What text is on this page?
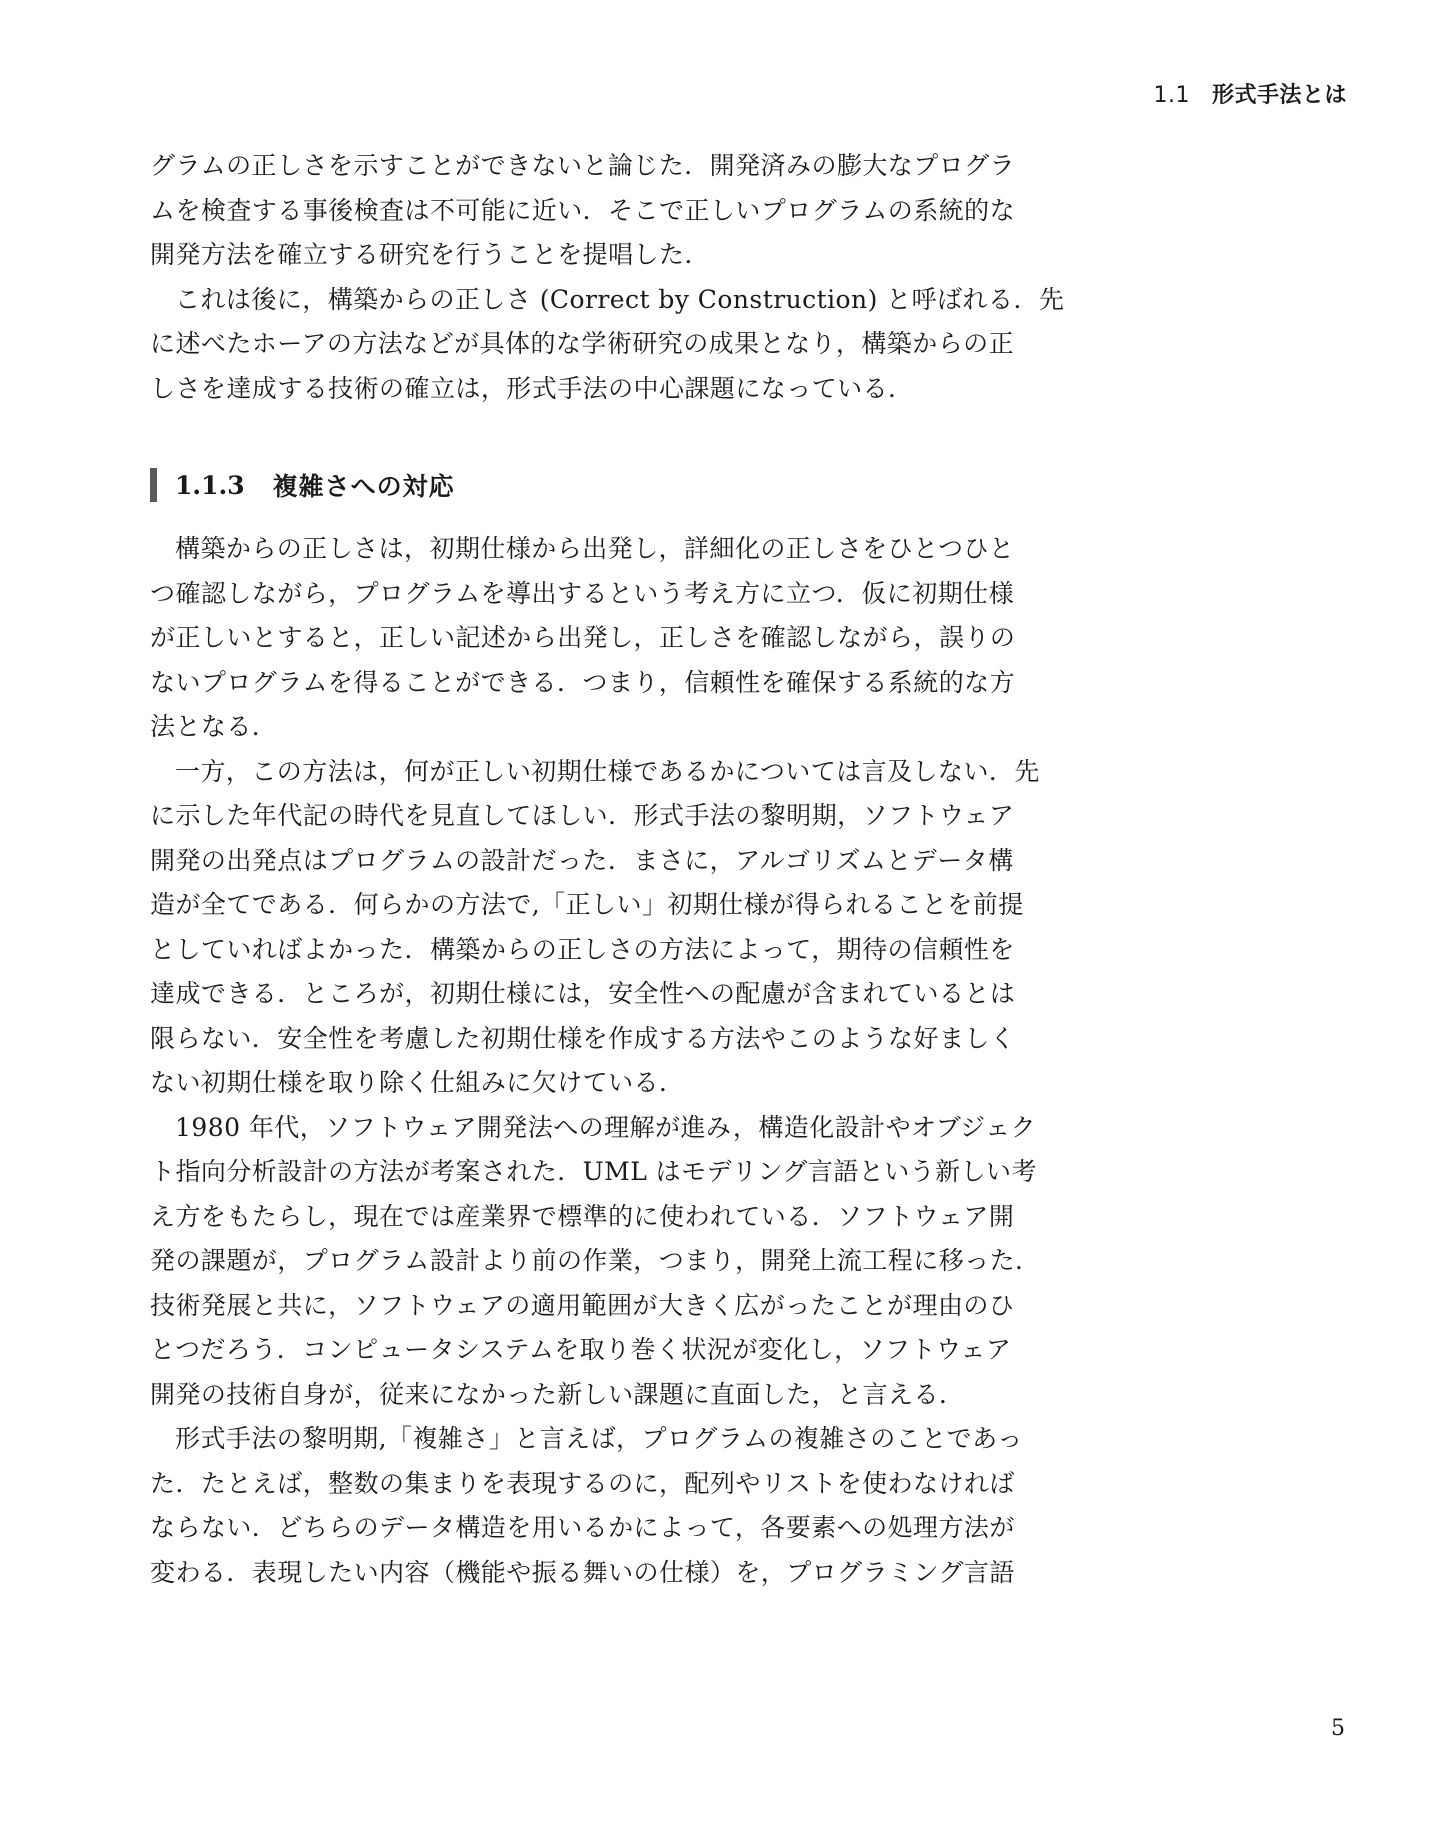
1.1 形式手法とは

グラムの正しさを示すことができないと論じた．開発済みの膨大なプログラ
ムを検査する事後検査は不可能に近い．そこで正しいプログラムの系統的な
開発方法を確立する研究を行うことを提唱した．

これは後に，構築からの正しさ (Correct by Construction) と呼ばれる．先
に述べたホーアの方法などが具体的な学術研究の成果となり，構築からの正
しさを達成する技術の確立は，形式手法の中心課題になっている．

1.1.3 複雑さへの対応

構築からの正しさは，初期仕様から出発し，詳細化の正しさをひとつひと
つ確認しながら，プログラムを導出するという考え方に立つ．仮に初期仕様
が正しいとすると，正しい記述から出発し，正しさを確認しながら，誤りの
ないプログラムを得ることができる．つまり，信頼性を確保する系統的な方
法となる．

一方，この方法は，何が正しい初期仕様であるかについては言及しない．先
に示した年代記の時代を見直してほしい．形式手法の黎明期，ソフトウェア
開発の出発点はプログラムの設計だった．まさに，アルゴリズムとデータ構
造が全てである．何らかの方法で,「正しい」初期仕様が得られることを前提
としていればよかった．構築からの正しさの方法によって，期待の信頼性を
達成できる．ところが，初期仕様には，安全性への配慮が含まれているとは
限らない．安全性を考慮した初期仕様を作成する方法やこのような好ましく
ない初期仕様を取り除く仕組みに欠けている．

1980 年代，ソフトウェア開発法への理解が進み，構造化設計やオブジェク
ト指向分析設計の方法が考案された．UML はモデリング言語という新しい考
え方をもたらし，現在では産業界で標準的に使われている．ソフトウェア開
発の課題が，プログラム設計より前の作業，つまり，開発上流工程に移った．
技術発展と共に，ソフトウェアの適用範囲が大きく広がったことが理由のひ
とつだろう．コンピュータシステムを取り巻く状況が変化し，ソフトウェア
開発の技術自身が，従来になかった新しい課題に直面した，と言える．

形式手法の黎明期,「複雑さ」と言えば，プログラムの複雑さのことであっ
た．たとえば，整数の集まりを表現するのに，配列やリストを使わなければ
ならない．どちらのデータ構造を用いるかによって，各要素への処理方法が
変わる．表現したい内容（機能や振る舞いの仕様）を，プログラミング言語

5
